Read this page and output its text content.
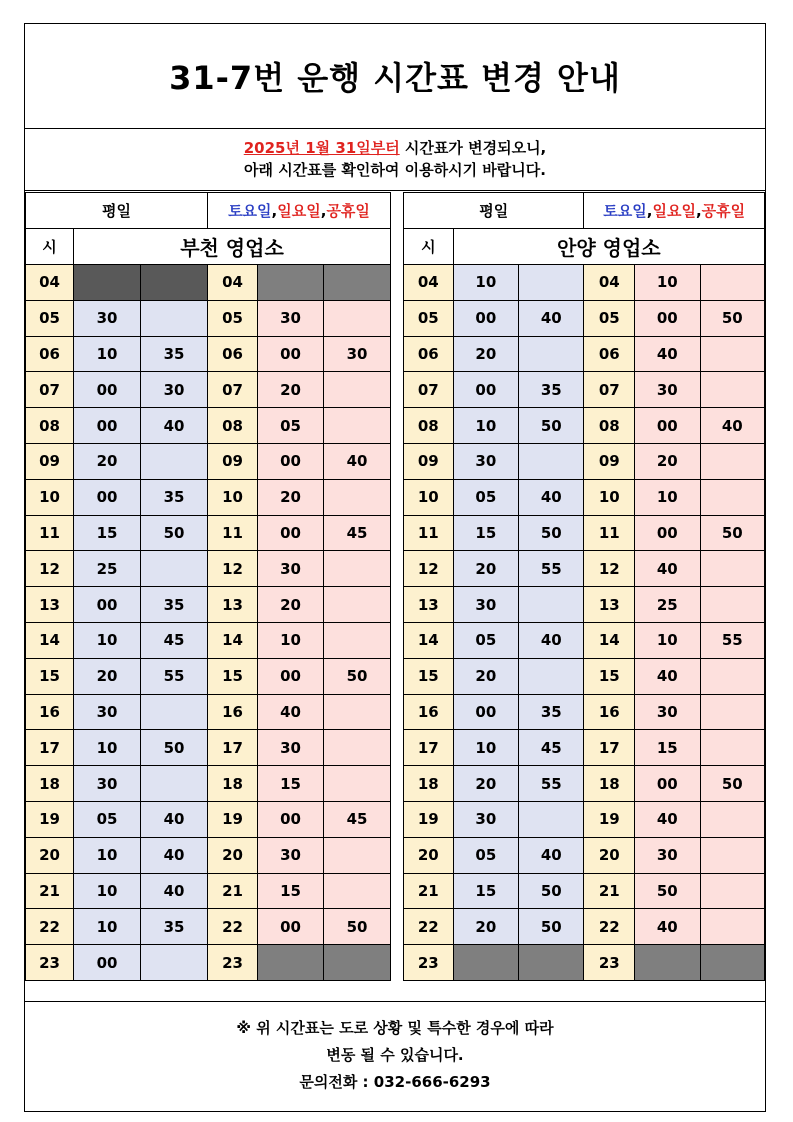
31-7번 운행 시간표 변경 안내
2025년 1월 31일부터 시간표가 변경되오니,
아래 시간표를 확인하여 이용하시기 바랍니다.
평일			토요일,일요일,공휴일		
시	부천 영업소				
04			04		
05	30		05	30	
06	10	35	06	00	30
07	00	30	07	20	
08	00	40	08	05	
09	20		09	00	40
10	00	35	10	20	
11	15	50	11	00	45
12	25		12	30	
13	00	35	13	20	
14	10	45	14	10	
15	20	55	15	00	50
16	30		16	40	
17	10	50	17	30	
18	30		18	15	
19	05	40	19	00	45
20	10	40	20	30	
21	10	40	21	15	
22	10	35	22	00	50
23	00		23		
평일			토요일,일요일,공휴일		
시	안양 영업소				
04	10		04	10	
05	00	40	05	00	50
06	20		06	40	
07	00	35	07	30	
08	10	50	08	00	40
09	30		09	20	
10	05	40	10	10	
11	15	50	11	00	50
12	20	55	12	40	
13	30		13	25	
14	05	40	14	10	55
15	20		15	40	
16	00	35	16	30	
17	10	45	17	15	
18	20	55	18	00	50
19	30		19	40	
20	05	40	20	30	
21	15	50	21	50	
22	20	50	22	40	
23			23		
※ 위 시간표는 도로 상황 및 특수한 경우에 따라
변동 될 수 있습니다.
문의전화 : 032-666-6293
